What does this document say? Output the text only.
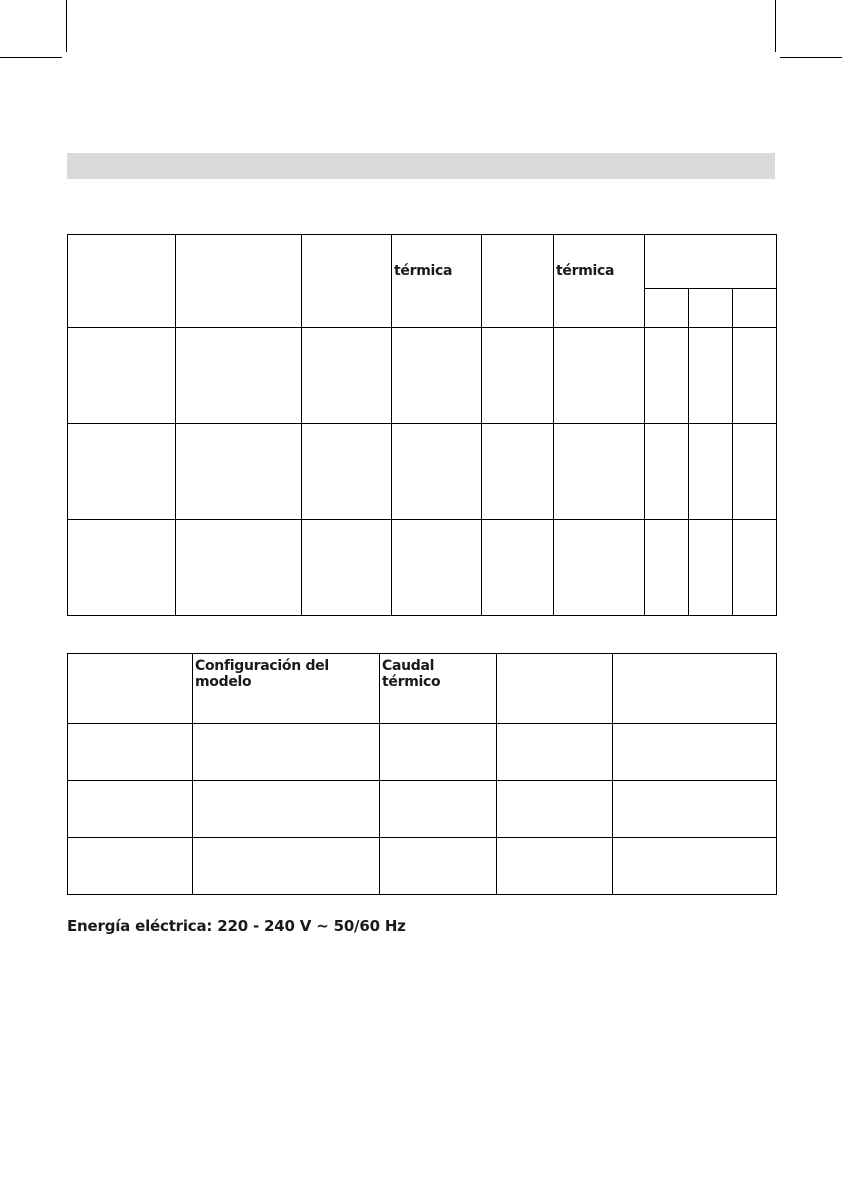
			térmica		térmica			

	Configuración del modelo	Caudal térmico		

Energía eléctrica: 220 - 240 V ~ 50/60 Hz
